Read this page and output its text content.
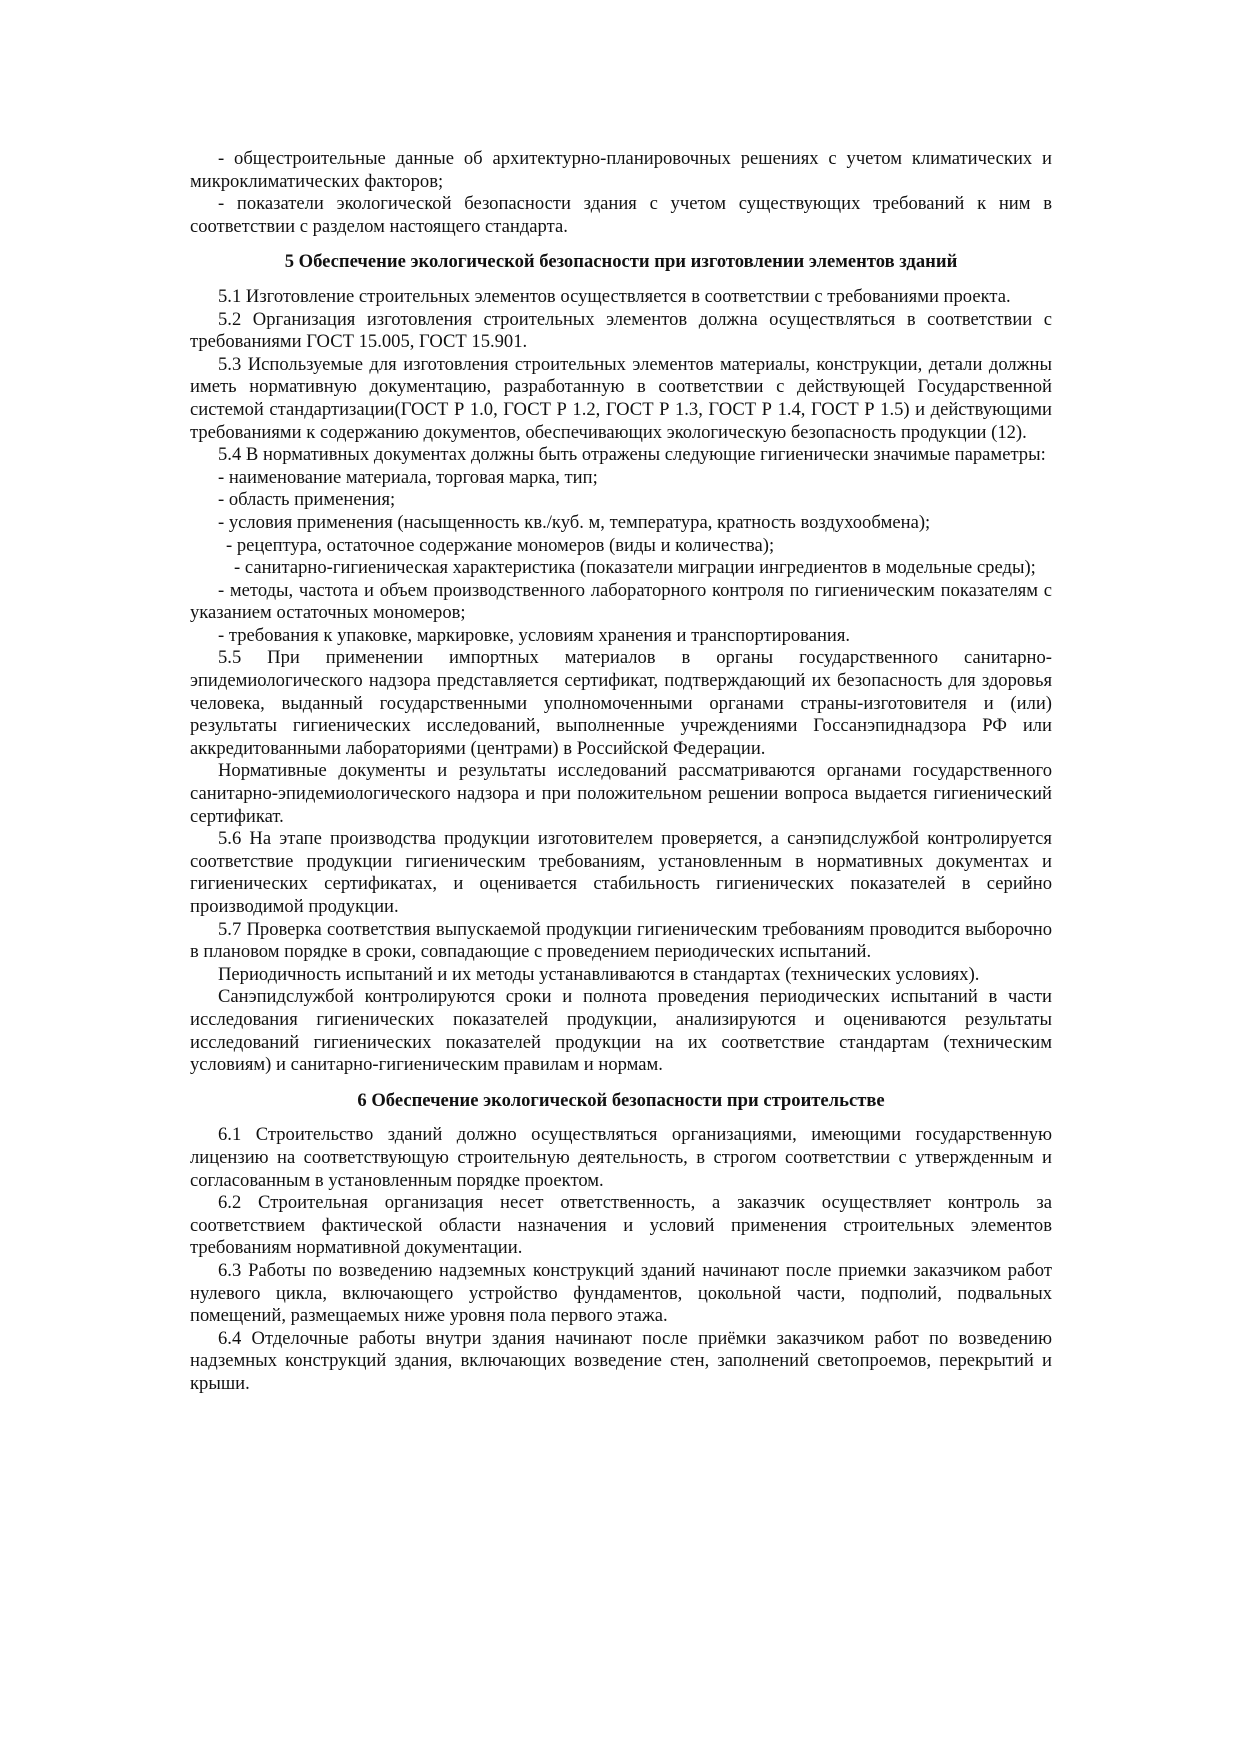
- общестроительные данные об архитектурно-планировочных решениях с учетом климатических и микроклиматических факторов;

- показатели экологической безопасности здания с учетом существующих требований к ним в соответствии с разделом настоящего стандарта.

5 Обеспечение экологической безопасности при изготовлении элементов зданий

5.1 Изготовление строительных элементов осуществляется в соответствии с требованиями проекта.

5.2 Организация изготовления строительных элементов должна осуществляться в соответствии с требованиями ГОСТ 15.005, ГОСТ 15.901.

5.3 Используемые для изготовления строительных элементов материалы, конструкции, детали должны иметь нормативную документацию, разработанную в соответствии с действующей Государственной системой стандартизации(ГОСТ Р 1.0, ГОСТ Р 1.2, ГОСТ Р 1.3, ГОСТ Р 1.4, ГОСТ Р 1.5) и действующими требованиями к содержанию документов, обеспечивающих экологическую безопасность продукции (12).

5.4 В нормативных документах должны быть отражены следующие гигиенически значимые параметры:

- наименование материала, торговая марка, тип;

- область применения;

- условия применения (насыщенность кв./куб. м, температура, кратность воздухообмена);

- рецептура, остаточное содержание мономеров (виды и количества);

- санитарно-гигиеническая характеристика (показатели миграции ингредиентов в модельные среды);

- методы, частота и объем производственного лабораторного контроля по гигиеническим показателям с указанием остаточных мономеров;

- требования к упаковке, маркировке, условиям хранения и транспортирования.

5.5 При применении импортных материалов в органы государственного санитарно-эпидемиологического надзора представляется сертификат, подтверждающий их безопасность для здоровья человека, выданный государственными уполномоченными органами страны-изготовителя и (или) результаты гигиенических исследований, выполненные учреждениями Госсанэпиднадзора РФ или аккредитованными лабораториями (центрами) в Российской Федерации.

Нормативные документы и результаты исследований рассматриваются органами государственного санитарно-эпидемиологического надзора и при положительном решении вопроса выдается гигиенический сертификат.

5.6 На этапе производства продукции изготовителем проверяется, а санэпидслужбой контролируется соответствие продукции гигиеническим требованиям, установленным в нормативных документах и гигиенических сертификатах, и оценивается стабильность гигиенических показателей в серийно производимой продукции.

5.7 Проверка соответствия выпускаемой продукции гигиеническим требованиям проводится выборочно в плановом порядке в сроки, совпадающие с проведением периодических испытаний.

Периодичность испытаний и их методы устанавливаются в стандартах (технических условиях).

Санэпидслужбой контролируются сроки и полнота проведения периодических испытаний в части исследования гигиенических показателей продукции, анализируются и оцениваются результаты исследований гигиенических показателей продукции на их соответствие стандартам (техническим условиям) и санитарно-гигиеническим правилам и нормам.

6 Обеспечение экологической безопасности при строительстве

6.1 Строительство зданий должно осуществляться организациями, имеющими государственную лицензию на соответствующую строительную деятельность, в строгом соответствии с утвержденным и согласованным в установленным порядке проектом.

6.2 Строительная организация несет ответственность, а заказчик осуществляет контроль за соответствием фактической области назначения и условий применения строительных элементов требованиям нормативной документации.

6.3 Работы по возведению надземных конструкций зданий начинают после приемки заказчиком работ нулевого цикла, включающего устройство фундаментов, цокольной части, подполий, подвальных помещений, размещаемых ниже уровня пола первого этажа.

6.4 Отделочные работы внутри здания начинают после приёмки заказчиком работ по возведению надземных конструкций здания, включающих возведение стен, заполнений светопроемов, перекрытий и крыши.
